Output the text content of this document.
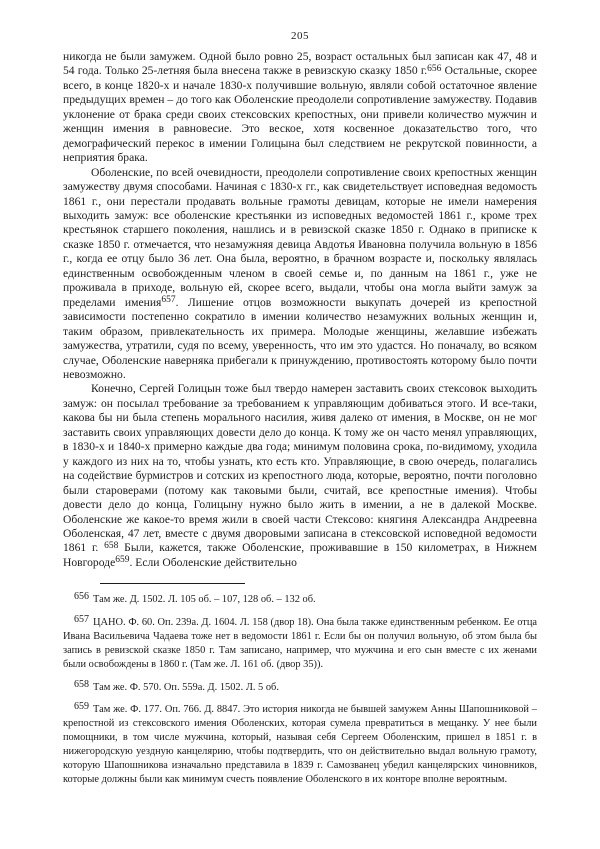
205

никогда не были замужем. Одной было ровно 25, возраст остальных был записан как 47, 48 и 54 года. Только 25-летняя была внесена также в ревизскую сказку 1850 г.$^{656}$ Остальные, скорее всего, в конце 1820-х и начале 1830-х получившие вольную, являли собой остаточное явление предыдущих времен – до того как Оболенские преодолели сопротивление замужеству. Подавив уклонение от брака среди своих стексовских крепостных, они привели количество мужчин и женщин имения в равновесие. Это веское, хотя косвенное доказательство того, что демографический перекос в имении Голицына был следствием не рекрутской повинности, а неприятия брака.

Оболенские, по всей очевидности, преодолели сопротивление своих крепостных женщин замужеству двумя способами. Начиная с 1830-х гг., как свидетельствует исповедная ведомость 1861 г., они перестали продавать вольные грамоты девицам, которые не имели намерения выходить замуж: все оболенские крестьянки из исповедных ведомостей 1861 г., кроме трех крестьянок старшего поколения, нашлись и в ревизской сказке 1850 г. Однако в приписке к сказке 1850 г. отмечается, что незамужняя девица Авдотья Ивановна получила вольную в 1856 г., когда ее отцу было 36 лет. Она была, вероятно, в брачном возрасте и, поскольку являлась единственным освобожденным членом в своей семье и, по данным на 1861 г., уже не проживала в приходе, вольную ей, скорее всего, выдали, чтобы она могла выйти замуж за пределами имения$^{657}$. Лишение отцов возможности выкупать дочерей из крепостной зависимости постепенно сократило в имении количество незамужних вольных женщин и, таким образом, привлекательность их примера. Молодые женщины, желавшие избежать замужества, утратили, судя по всему, уверенность, что им это удастся. Но поначалу, во всяком случае, Оболенские наверняка прибегали к принуждению, противостоять которому было почти невозможно.

Конечно, Сергей Голицын тоже был твердо намерен заставить своих стексовок выходить замуж: он посылал требование за требованием к управляющим добиваться этого. И все-таки, какова бы ни была степень морального насилия, живя далеко от имения, в Москве, он не мог заставить своих управляющих довести дело до конца. К тому же он часто менял управляющих, в 1830-х и 1840-х примерно каждые два года; минимум половина срока, по-видимому, уходила у каждого из них на то, чтобы узнать, кто есть кто. Управляющие, в свою очередь, полагались на содействие бурмистров и сотских из крепостного люда, которые, вероятно, почти поголовно были староверами (потому как таковыми были, считай, все крепостные имения). Чтобы довести дело до конца, Голицыну нужно было жить в имении, а не в далекой Москве. Оболенские же какое-то время жили в своей части Стексово: княгиня Александра Андреевна Оболенская, 47 лет, вместе с двумя дворовыми записана в стексовской исповедной ведомости 1861 г. $^{658}$ Были, кажется, также Оболенские, проживавшие в 150 километрах, в Нижнем Новгороде$^{659}$. Если Оболенские действительно

$^{656}$ Там же. Д. 1502. Л. 105 об. – 107, 128 об. – 132 об.

$^{657}$ ЦАНО. Ф. 60. Оп. 239а. Д. 1604. Л. 158 (двор 18). Она была также единственным ребенком. Ее отца Ивана Васильевича Чадаева тоже нет в ведомости 1861 г. Если бы он получил вольную, об этом была бы запись в ревизской сказке 1850 г. Там записано, например, что мужчина и его сын вместе с их женами были освобождены в 1860 г. (Там же. Л. 161 об. (двор 35)).

$^{658}$ Там же. Ф. 570. Оп. 559а. Д. 1502. Л. 5 об.

$^{659}$ Там же. Ф. 177. Оп. 766. Д. 8847. Это история никогда не бывшей замужем Анны Шапошниковой – крепостной из стексовского имения Оболенских, которая сумела превратиться в мещанку. У нее были помощники, в том числе мужчина, который, называя себя Сергеем Оболенским, пришел в 1851 г. в нижегородскую уездную канцелярию, чтобы подтвердить, что он действительно выдал вольную грамоту, которую Шапошникова изначально представила в 1839 г. Самозванец убедил канцелярских чиновников, которые должны были как минимум счесть появление Оболенского в их конторе вполне вероятным.
